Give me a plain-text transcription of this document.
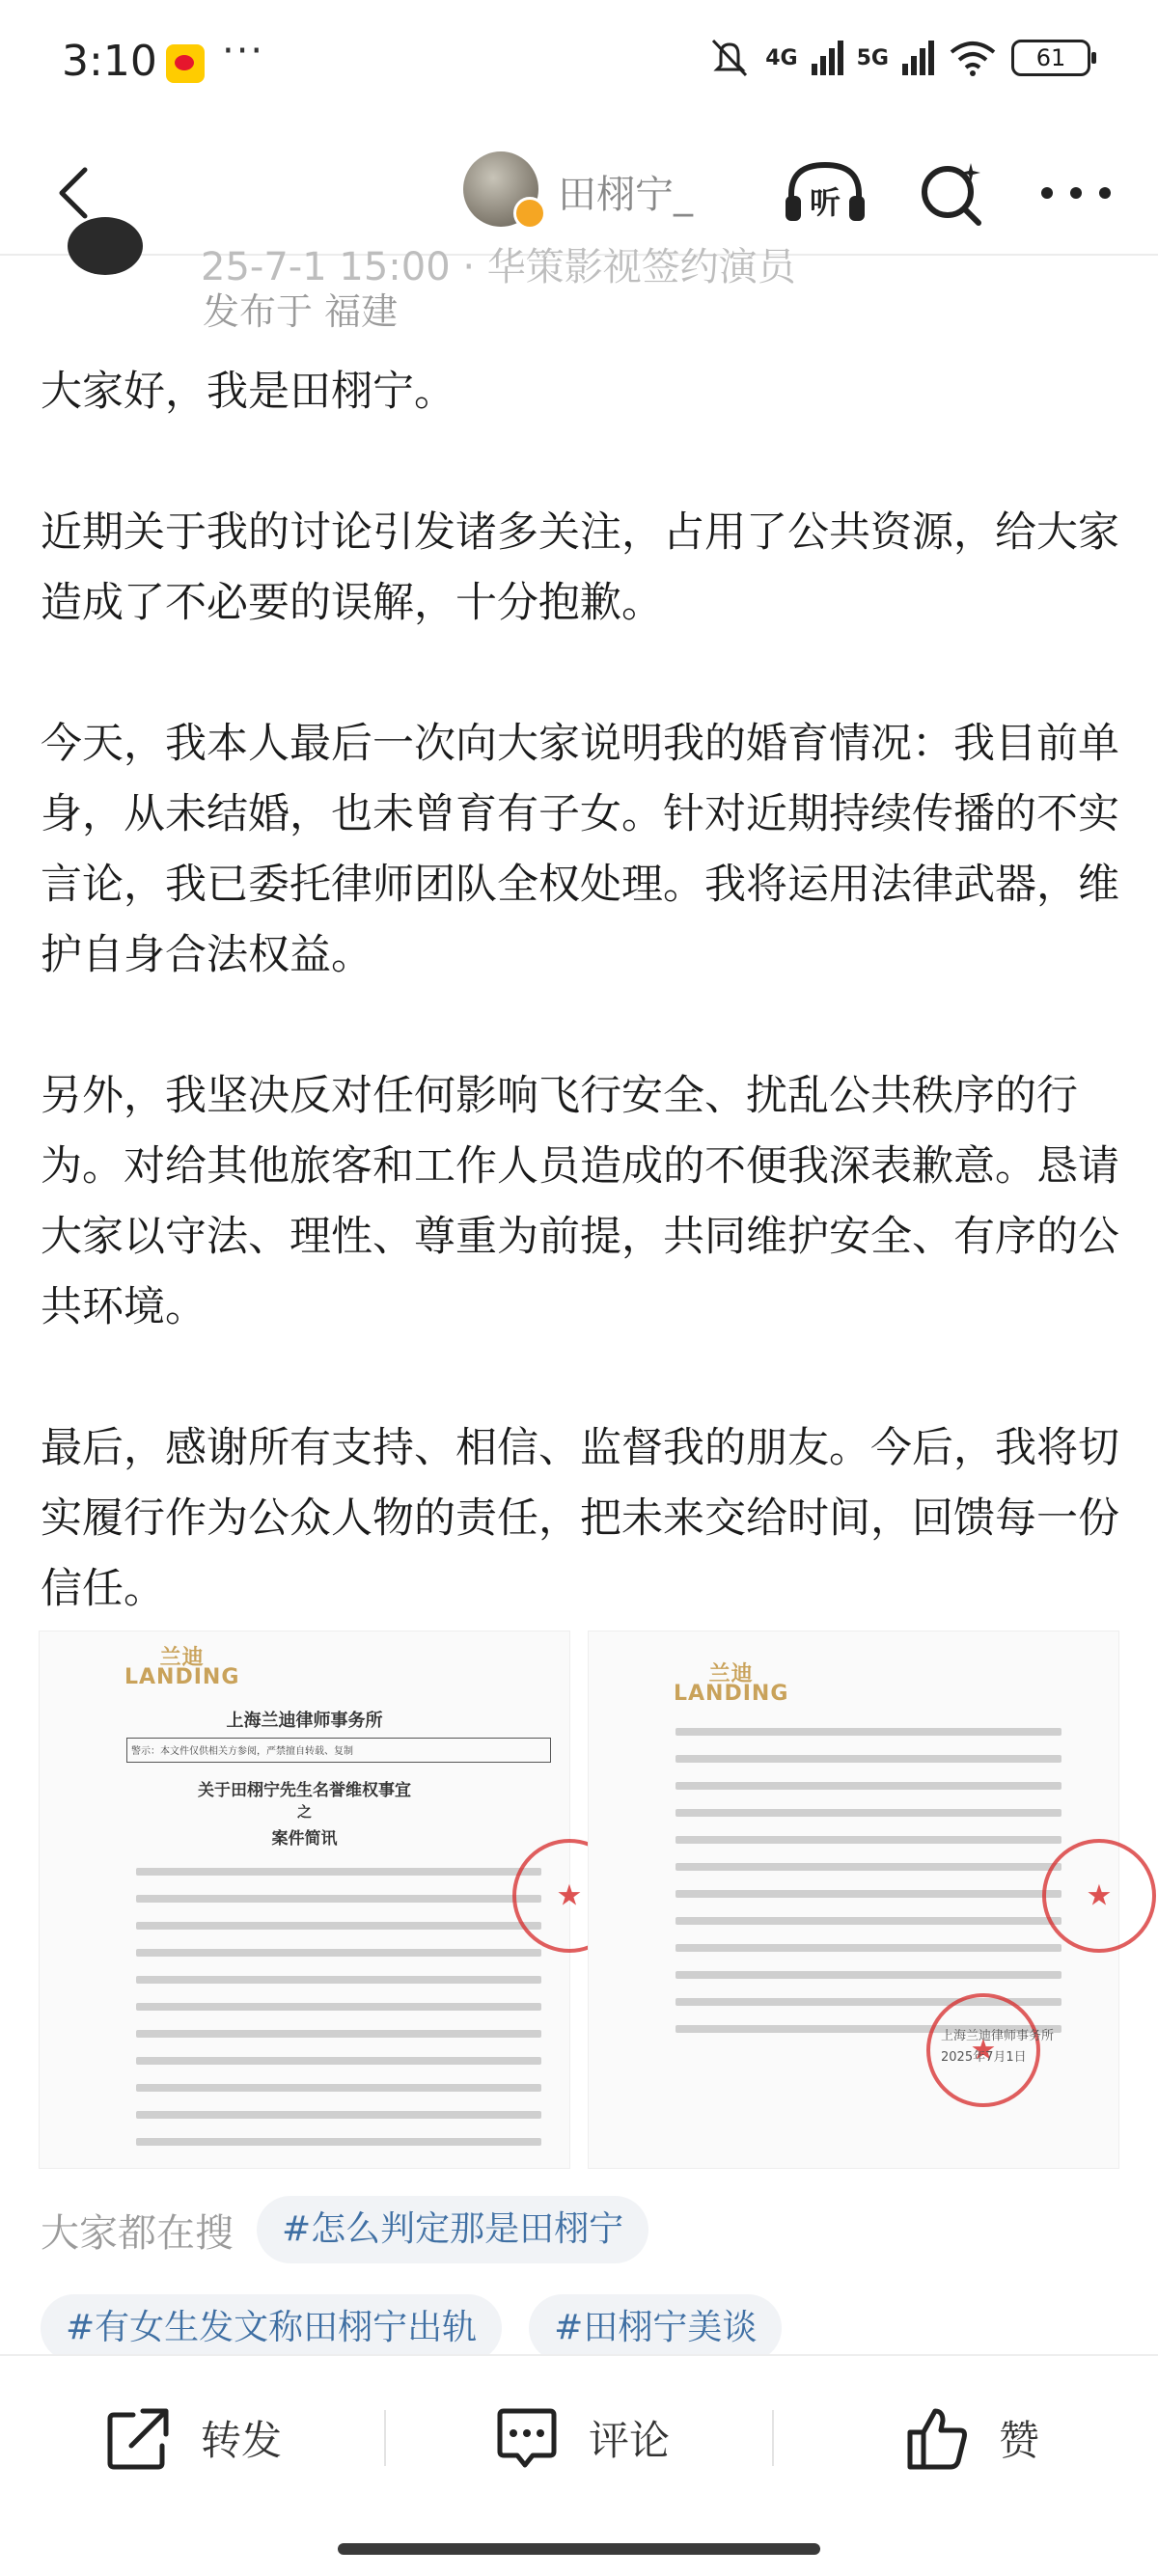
3:10 ···	4G	5G	61
田栩宁_	听
25-7-1 15:00 · 华策影视签约演员
发布于 福建

大家好，我是田栩宁。

近期关于我的讨论引发诸多关注，占用了公共资源，给大家造成了不必要的误解，十分抱歉。

今天，我本人最后一次向大家说明我的婚育情况：我目前单身，从未结婚，也未曾育有子女。针对近期持续传播的不实言论，我已委托律师团队全权处理。我将运用法律武器，维护自身合法权益。

另外，我坚决反对任何影响飞行安全、扰乱公共秩序的行为。对给其他旅客和工作人员造成的不便我深表歉意。恳请大家以守法、理性、尊重为前提，共同维护安全、有序的公共环境。

最后，感谢所有支持、相信、监督我的朋友。今后，我将切实履行作为公众人物的责任，把未来交给时间，回馈每一份信任。

兰迪
LANDING
上海兰迪律师事务所
警示：本文件仅供相关方参阅，严禁擅自转载、复制
关于田栩宁先生名誉维权事宜
之
案件简讯
★
兰迪
LANDING
★
★
上海兰迪律师事务所
2025年7月1日
大家都在搜	#怎么判定那是田栩宁
#有女生发文称田栩宁出轨	#田栩宁美谈
转发	评论	赞
